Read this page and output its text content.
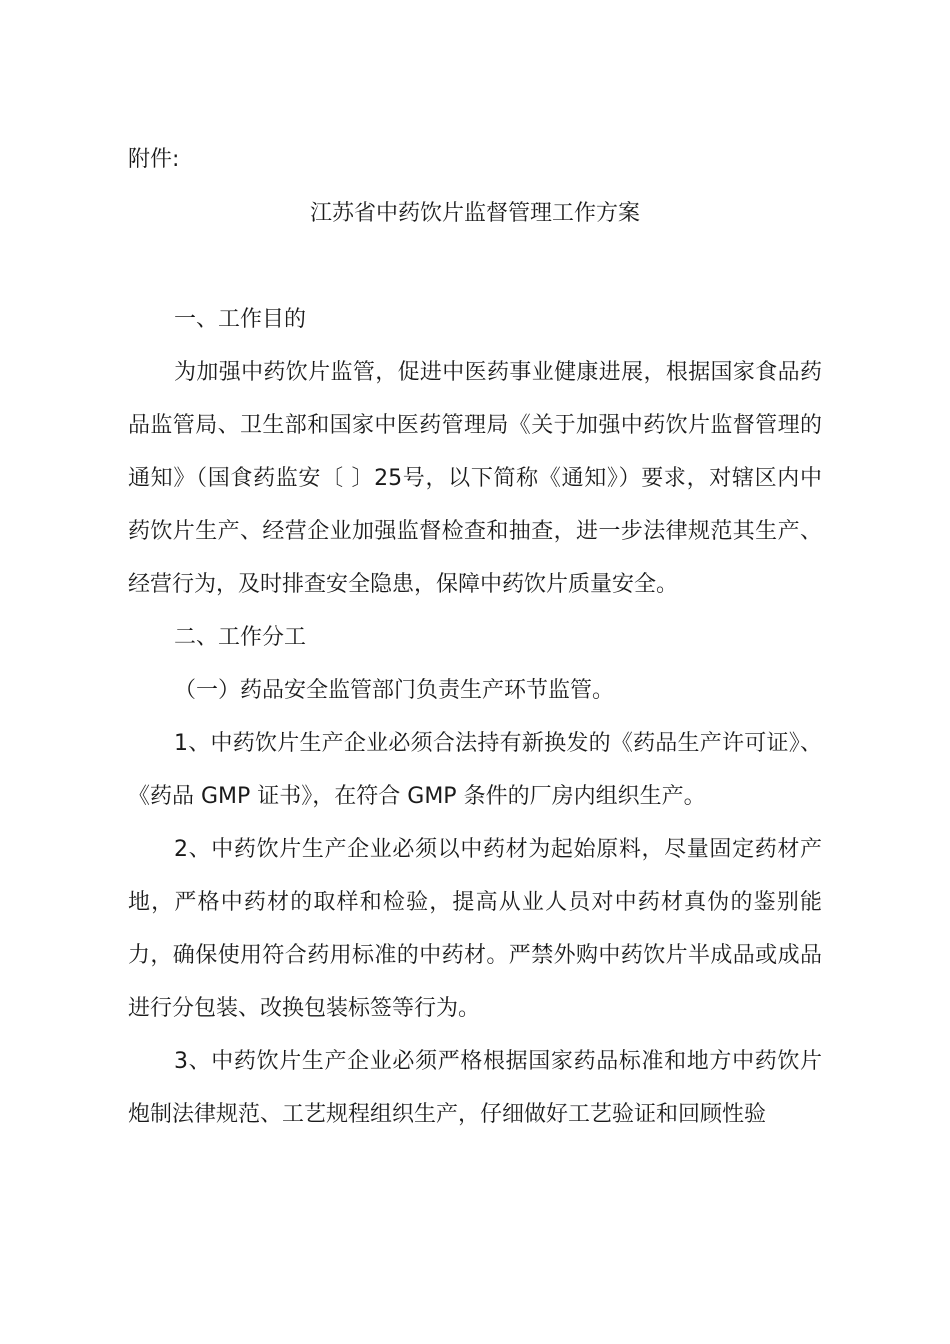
附件:
江苏省中药饮片监督管理工作方案

一、工作目的

为加强中药饮片监管，促进中医药事业健康进展，根据国家食品药品监管局、卫生部和国家中医药管理局《关于加强中药饮片监督管理的通知》（国食药监安〔 〕25号，以下简称《通知》）要求，对辖区内中药饮片生产、经营企业加强监督检查和抽查，进一步法律规范其生产、经营行为，及时排查安全隐患，保障中药饮片质量安全。

二、工作分工

（一）药品安全监管部门负责生产环节监管。

1、中药饮片生产企业必须合法持有新换发的《药品生产许可证》、《药品 GMP 证书》，在符合 GMP 条件的厂房内组织生产。

2、中药饮片生产企业必须以中药材为起始原料，尽量固定药材产地，严格中药材的取样和检验，提高从业人员对中药材真伪的鉴别能力，确保使用符合药用标准的中药材。严禁外购中药饮片半成品或成品进行分包装、改换包装标签等行为。

3、中药饮片生产企业必须严格根据国家药品标准和地方中药饮片炮制法律规范、工艺规程组织生产，仔细做好工艺验证和回顾性验
